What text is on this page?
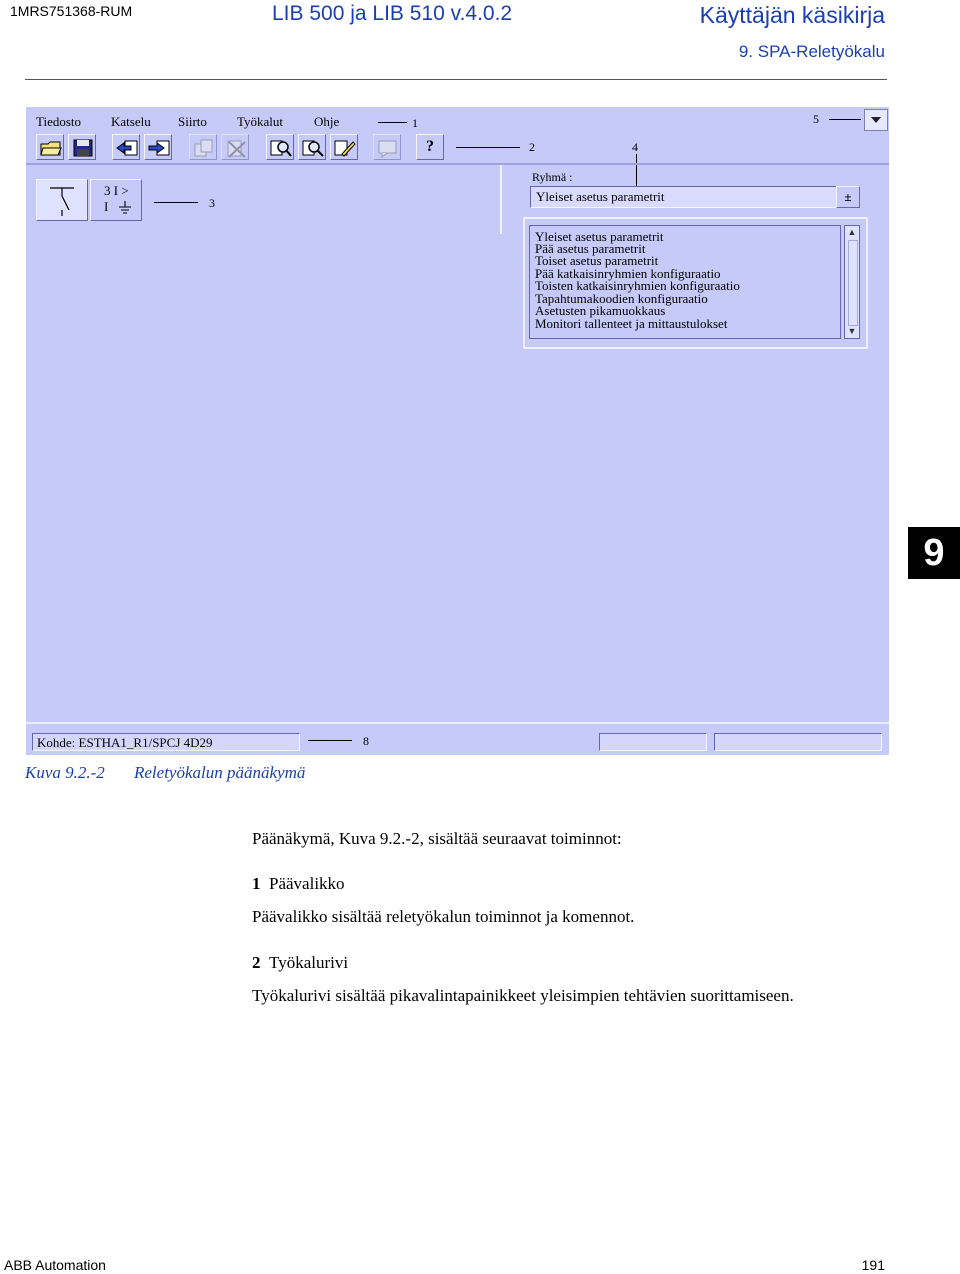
1MRS751368-RUM	LIB 500 ja LIB 510 v.4.0.2	Käyttäjän käsikirja
9. SPA-Reletyökalu
9
Tiedosto Katselu Siirto Työkalut Ohje	1	5
?	2	4
3 I >
I	3
Ryhmä :
Yleiset asetus parametrit	±
Yleiset asetus parametrit
Pää asetus parametrit
Toiset asetus parametrit
Pää katkaisinryhmien konfiguraatio
Toisten katkaisinryhmien konfiguraatio
Tapahtumakoodien konfiguraatio
Asetusten pikamuokkaus
Monitori tallenteet ja mittaustulokset
▲
▼
Kohde: ESTHA1_R1/SPCJ 4D29	8
Kuva 9.2.-2 Reletyökalun päänäkymä
Päänäkymä, Kuva 9.2.-2, sisältää seuraavat toiminnot:
1 Päävalikko
Päävalikko sisältää reletyökalun toiminnot ja komennot.
2 Työkalurivi
Työkalurivi sisältää pikavalintapainikkeet yleisimpien tehtävien suorittamiseen.
ABB Automation	191
